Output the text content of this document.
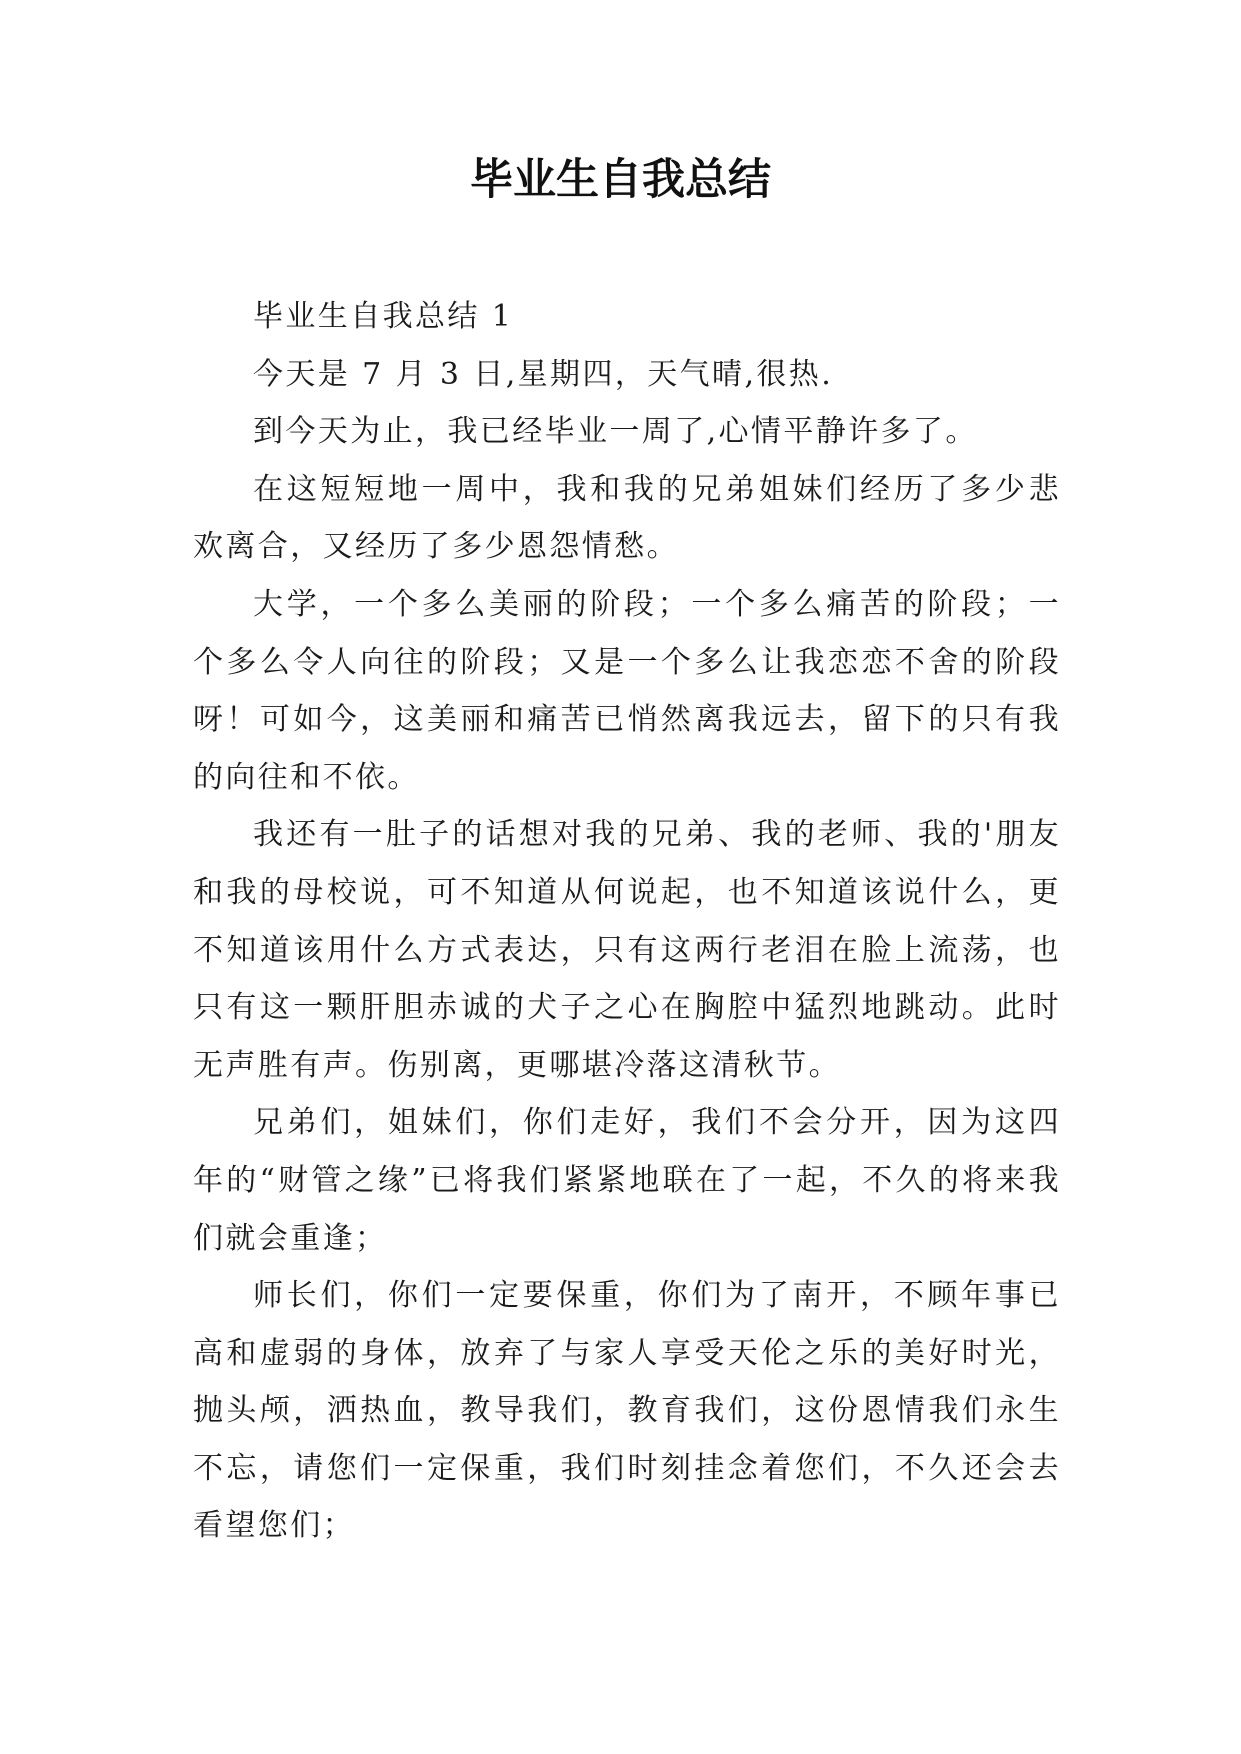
毕业生自我总结

毕业生自我总结 1

今天是 7 月 3 日,星期四，天气晴,很热.

到今天为止，我已经毕业一周了,心情平静许多了。

在这短短地一周中，我和我的兄弟姐妹们经历了多少悲欢离合，又经历了多少恩怨情愁。

大学，一个多么美丽的阶段；一个多么痛苦的阶段；一个多么令人向往的阶段；又是一个多么让我恋恋不舍的阶段呀！可如今，这美丽和痛苦已悄然离我远去，留下的只有我的向往和不依。

我还有一肚子的话想对我的兄弟、我的老师、我的'朋友和我的母校说，可不知道从何说起，也不知道该说什么，更不知道该用什么方式表达，只有这两行老泪在脸上流荡，也只有这一颗肝胆赤诚的犬子之心在胸腔中猛烈地跳动。此时无声胜有声。伤别离，更哪堪冷落这清秋节。

兄弟们，姐妹们，你们走好，我们不会分开，因为这四年的“财管之缘”已将我们紧紧地联在了一起，不久的将来我们就会重逢；

师长们，你们一定要保重，你们为了南开，不顾年事已高和虚弱的身体，放弃了与家人享受天伦之乐的美好时光，抛头颅，洒热血，教导我们，教育我们，这份恩情我们永生不忘，请您们一定保重，我们时刻挂念着您们，不久还会去看望您们；
